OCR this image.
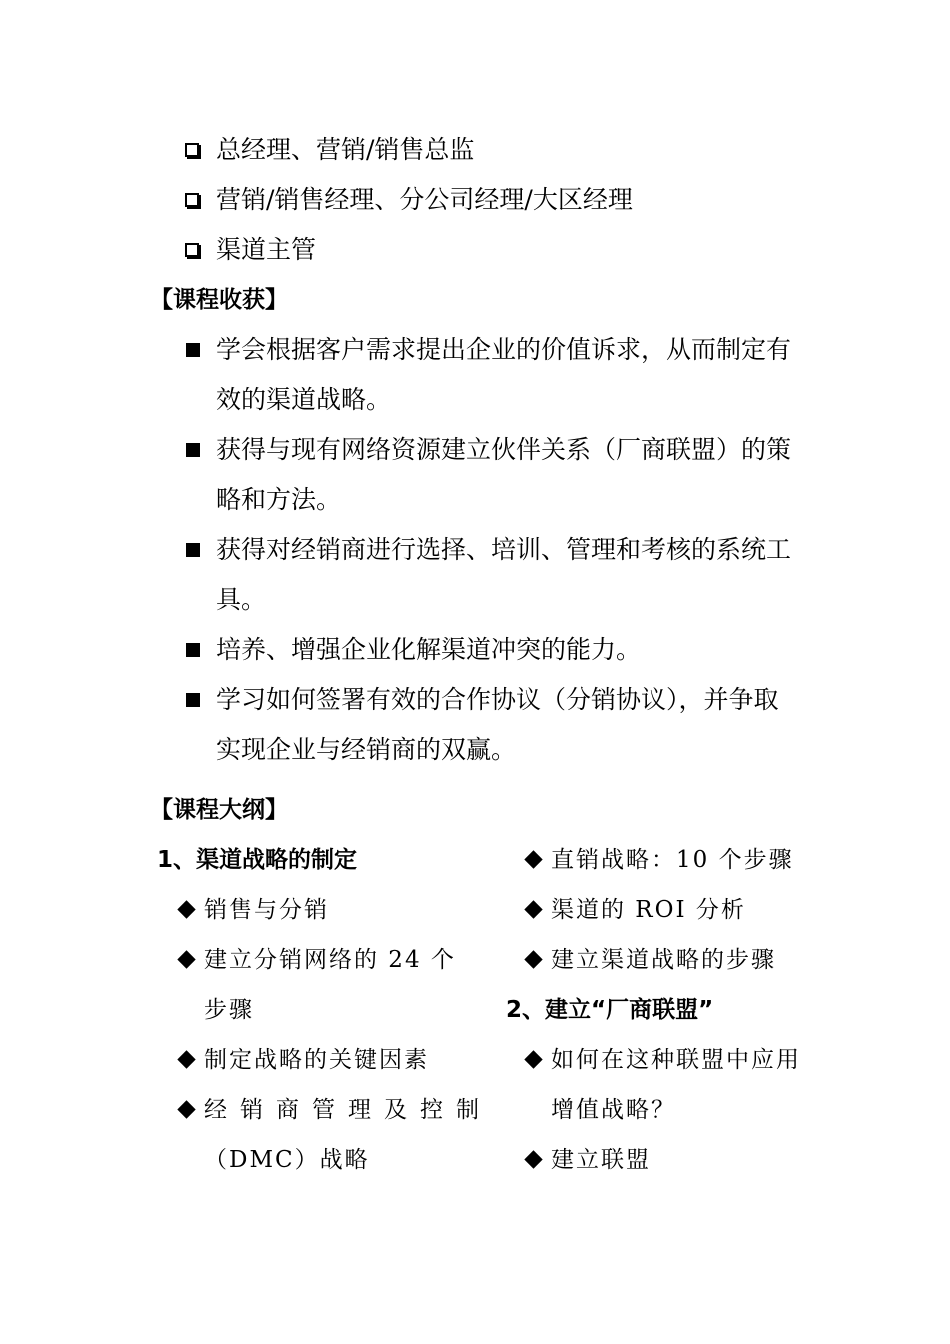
总经理、营销/销售总监
营销/销售经理、分公司经理/大区经理
渠道主管
【课程收获】
学会根据客户需求提出企业的价值诉求，从而制定有
效的渠道战略。
获得与现有网络资源建立伙伴关系（厂商联盟）的策
略和方法。
获得对经销商进行选择、培训、管理和考核的系统工
具。
培养、增强企业化解渠道冲突的能力。
学习如何签署有效的合作协议（分销协议），并争取
实现企业与经销商的双赢。
【课程大纲】
1、渠道战略的制定
销售与分销
建立分销网络的 24 个
步骤
制定战略的关键因素
经销商管理及控制
（DMC）战略
直销战略：10 个步骤
渠道的 ROI 分析
建立渠道战略的步骤
2、建立“厂商联盟”
如何在这种联盟中应用
增值战略？
建立联盟
